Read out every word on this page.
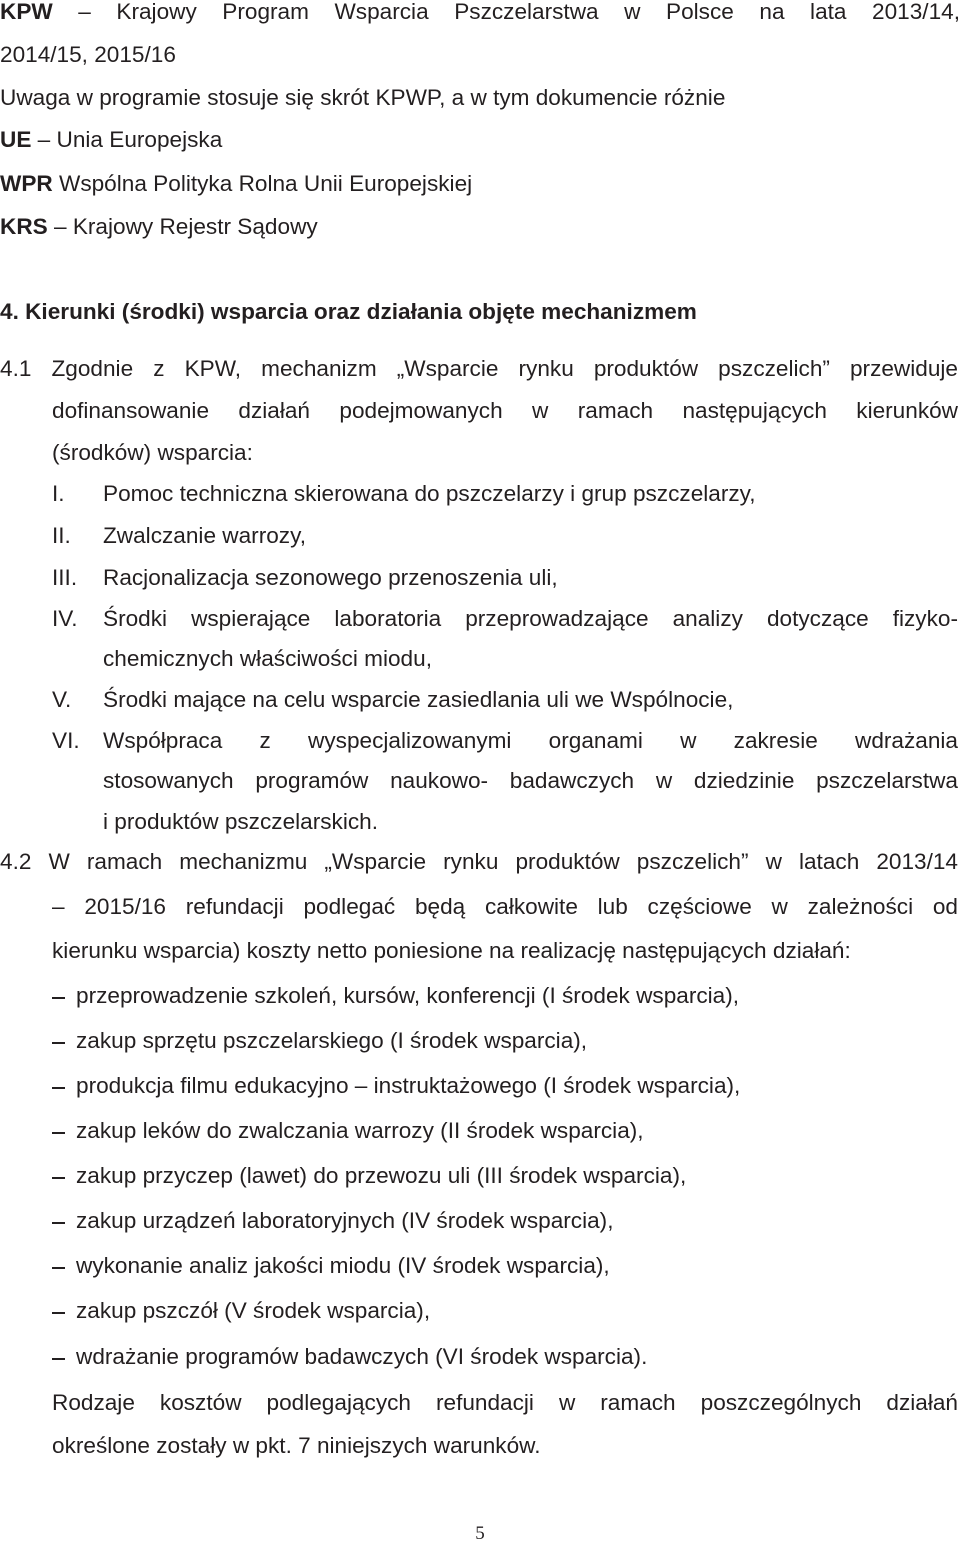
KPW – Krajowy Program Wsparcia Pszczelarstwa w Polsce na lata 2013/14,
2014/15, 2015/16
Uwaga w programie stosuje się skrót KPWP, a w tym dokumencie różnie
UE – Unia Europejska
WPR Wspólna Polityka Rolna Unii Europejskiej
KRS – Krajowy Rejestr Sądowy
4. Kierunki (środki) wsparcia oraz działania objęte mechanizmem
4.1 Zgodnie z KPW, mechanizm „Wsparcie rynku produktów pszczelich” przewiduje
dofinansowanie działań podejmowanych w ramach następujących kierunków
(środków) wsparcia:
I. Pomoc techniczna skierowana do pszczelarzy i grup pszczelarzy,
II. Zwalczanie warrozy,
III. Racjonalizacja sezonowego przenoszenia uli,
IV. Środki wspierające laboratoria przeprowadzające analizy dotyczące fizyko-
chemicznych właściwości miodu,
V. Środki mające na celu wsparcie zasiedlania uli we Wspólnocie,
VI. Współpraca z wyspecjalizowanymi organami w zakresie wdrażania
stosowanych programów naukowo- badawczych w dziedzinie pszczelarstwa
i produktów pszczelarskich.
4.2 W ramach mechanizmu „Wsparcie rynku produktów pszczelich” w latach 2013/14
– 2015/16 refundacji podlegać będą całkowite lub częściowe w zależności od
kierunku wsparcia) koszty netto poniesione na realizację następujących działań:
przeprowadzenie szkoleń, kursów, konferencji (I środek wsparcia),
zakup sprzętu pszczelarskiego (I środek wsparcia),
produkcja filmu edukacyjno – instruktażowego (I środek wsparcia),
zakup leków do zwalczania warrozy (II środek wsparcia),
zakup przyczep (lawet) do przewozu uli (III środek wsparcia),
zakup urządzeń laboratoryjnych (IV środek wsparcia),
wykonanie analiz jakości miodu (IV środek wsparcia),
zakup pszczół (V środek wsparcia),
wdrażanie programów badawczych (VI środek wsparcia).
Rodzaje kosztów podlegających refundacji w ramach poszczególnych działań
określone zostały w pkt. 7 niniejszych warunków.
5
